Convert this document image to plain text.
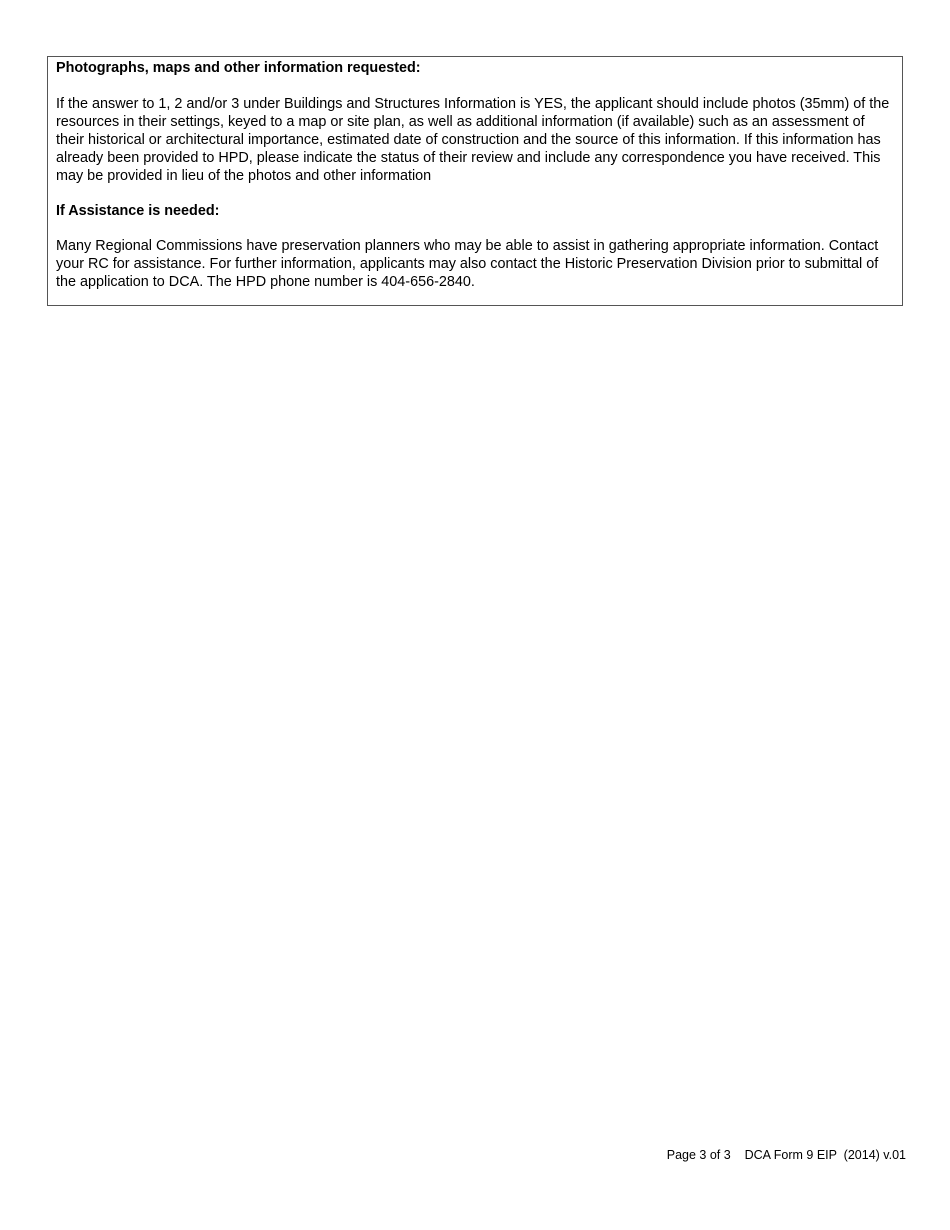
Photographs, maps and other information requested:

If the answer to 1, 2 and/or 3 under Buildings and Structures Information is YES, the applicant should include photos (35mm) of the resources in their settings, keyed to a map or site plan, as well as additional information (if available) such as an assessment of their historical or architectural importance, estimated date of construction and the source of this information. If this information has already been provided to HPD, please indicate the status of their review and include any correspondence you have received. This may be provided in lieu of the photos and other information

If Assistance is needed:

Many Regional Commissions have preservation planners who may be able to assist in gathering appropriate information. Contact your RC for assistance. For further information, applicants may also contact the Historic Preservation Division prior to submittal of the application to DCA. The HPD phone number is 404-656-2840.

Page 3 of 3    DCA Form 9 EIP  (2014) v.01
